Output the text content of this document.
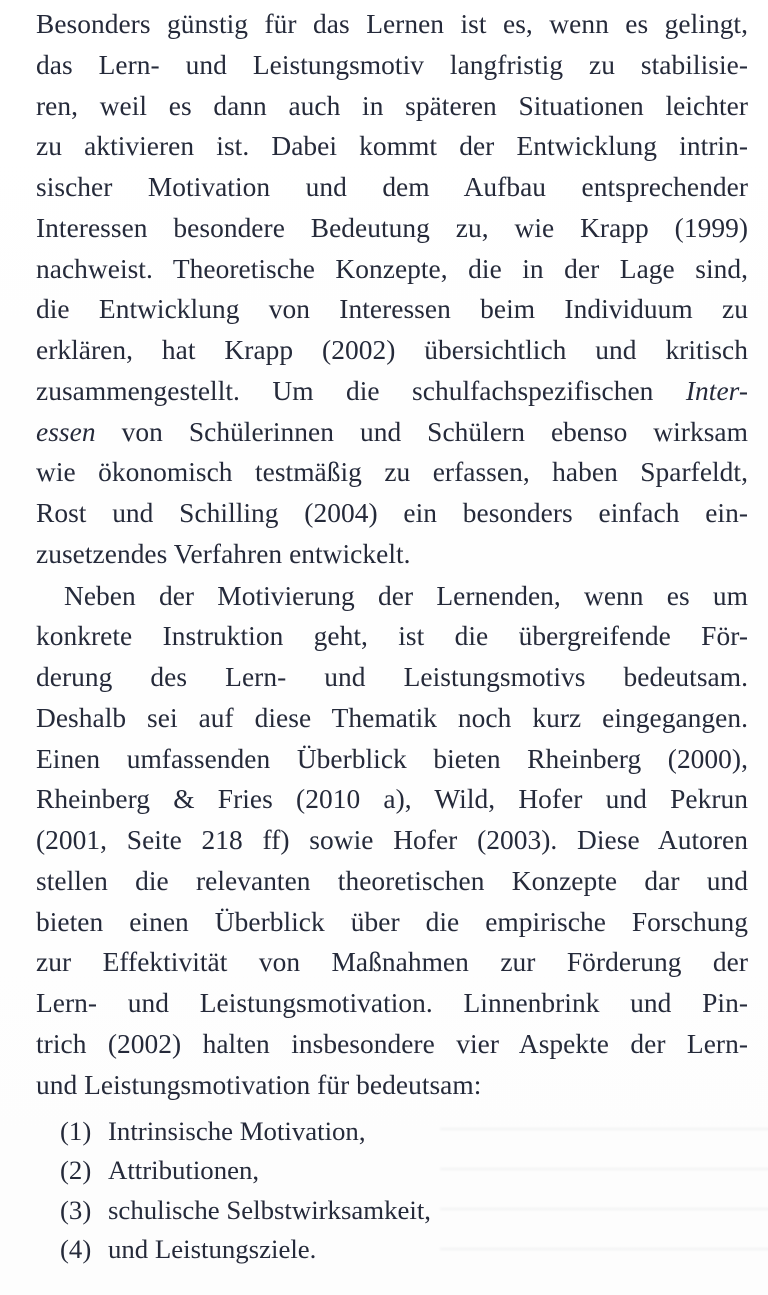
Besonders günstig für das Lernen ist es, wenn es gelingt,
das Lern- und Leistungsmotiv langfristig zu stabilisie-
ren, weil es dann auch in späteren Situationen leichter
zu aktivieren ist. Dabei kommt der Entwicklung intrin-
sischer Motivation und dem Aufbau entsprechender
Interessen besondere Bedeutung zu, wie Krapp (1999)
nachweist. Theoretische Konzepte, die in der Lage sind,
die Entwicklung von Interessen beim Individuum zu
erklären, hat Krapp (2002) übersichtlich und kritisch
zusammengestellt. Um die schulfachspezifischen Inter-
essen von Schülerinnen und Schülern ebenso wirksam
wie ökonomisch testmäßig zu erfassen, haben Sparfeldt,
Rost und Schilling (2004) ein besonders einfach ein-
zusetzendes Verfahren entwickelt.

Neben der Motivierung der Lernenden, wenn es um
konkrete Instruktion geht, ist die übergreifende För-
derung des Lern- und Leistungsmotivs bedeutsam.
Deshalb sei auf diese Thematik noch kurz eingegangen.
Einen umfassenden Überblick bieten Rheinberg (2000),
Rheinberg & Fries (2010 a), Wild, Hofer und Pekrun
(2001, Seite 218 ff) sowie Hofer (2003). Diese Autoren
stellen die relevanten theoretischen Konzepte dar und
bieten einen Überblick über die empirische Forschung
zur Effektivität von Maßnahmen zur Förderung der
Lern- und Leistungsmotivation. Linnenbrink und Pin-
trich (2002) halten insbesondere vier Aspekte der Lern-
und Leistungsmotivation für bedeutsam:

(1) Intrinsische Motivation,
(2) Attributionen,
(3) schulische Selbstwirksamkeit,
(4) und Leistungsziele.
